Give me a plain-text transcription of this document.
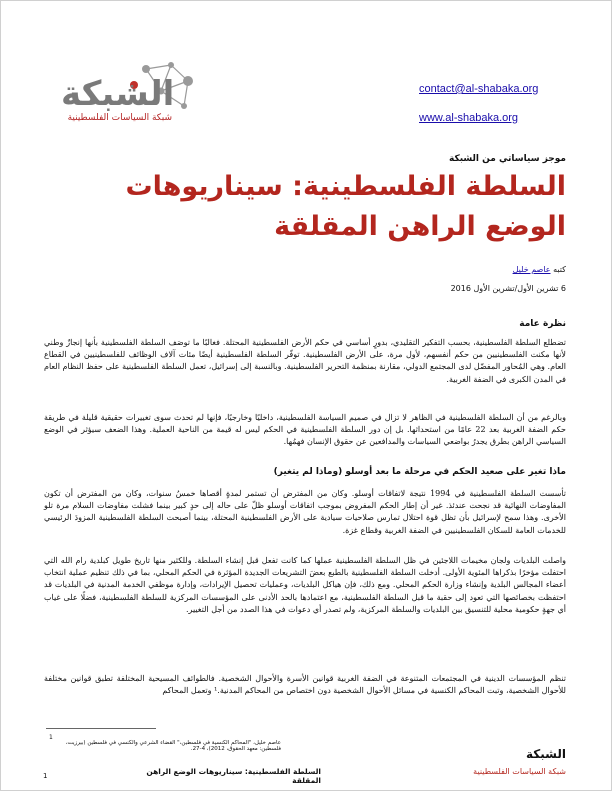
الشبكة
شبكة السياسات الفلسطينية
contact@al-shabaka.org
www.al-shabaka.org
موجز سياساتي من الشبكة
السلطة الفلسطينية: سيناريوهات الوضع الراهن المقلقة
كتبه عاصم خليل
6 تشرين الأول/تشرين الأول 2016

نظرة عامة

تضطلع السلطة الفلسطينية، بحسب التفكير التقليدي، بدورٍ أساسي في حكم الأرض الفلسطينية المحتلة. فغالبًا ما توصَف السلطة الفلسطينية بأنها إنجازٌ وطني لأنها مكنت الفلسطينيين من حكم أنفسهم، لأول مرة، على الأرض الفلسطينية. توفّر السلطة الفلسطينية أيضًا مئات آلاف الوظائف للفلسطينيين في القطاع العام. وهي المُحاور المفضّل لدى المجتمع الدولي، مقارنة بمنظمة التحرير الفلسطينية. وبالنسبة إلى إسرائيل، تعمل السلطة الفلسطينية على حفظ النظام العام في المدن الكبرى في الضفة الغربية.

وبالرغم من أن السلطة الفلسطينية في الظاهر لا تزال في صميم السياسة الفلسطينية، داخليًا وخارجيًا، فإنها لم تحدث سوى تغييرات حقيقية قليلة في طريقة حكم الضفة الغربية بعد 22 عامًا من استحداثها. بل إن دور السلطة الفلسطينية في الحكم ليس له قيمة من الناحية العملية. وهذا الضعف سيؤثر في الوضع السياسي الراهن بطرق يجدرُ بواضعي السياسات والمدافعين عن حقوق الإنسان فهمُها.

ماذا تغير على صعيد الحكم في مرحلة ما بعد أوسلو (وماذا لم يتغير)

تأسست السلطة الفلسطينية في 1994 نتيجة لاتفاقات أوسلو. وكان من المفترض أن تستمر لمدةٍ أقصاها خمسُ سنوات، وكان من المفترض أن تكون المفاوضات النهائية قد نجحت عندئذ. غير أن إطار الحكم المفروض بموجب اتفاقات أوسلو ظلّ على حاله إلى حدٍ كبير بينما فشلت مفاوضات السلام مرة تلو الأخرى. وهذا سمح لإسرائيل بأن تظل قوة احتلال تمارس صلاحيات سيادية على الأرض الفلسطينية المحتلة، بينما أصبحت السلطة الفلسطينية المزودَ الرئيسي للخدمات العامة للسكان الفلسطينيين في الضفة الغربية وقطاع غزة.

واصلت البلديات ولجان مخيمات اللاجئين في ظل السلطة الفلسطينية عملها كما كانت تفعل قبل إنشاء السلطة. وللكثير منها تاريخ طويل كبلدية رام الله التي احتفلت مؤخرًا بذكراها المئوية الأولى. أدخلت السلطة الفلسطينية بالطبع بعضَ التشريعات الجديدة المؤثرة في الحكم المحلي، بما في ذلك تنظيم عملية انتخاب أعضاء المجالس البلدية وإنشاء وزارة الحكم المحلي. ومع ذلك، فإن هياكل البلديات، وعمليات تحصيل الإيرادات، وإدارة موظفي الخدمة المدنية في البلديات قد احتفظت بخصائصها التي تعود إلى حقبة ما قبل السلطة الفلسطينية، مع اعتمادها بالحد الأدنى على المؤسسات المركزية للسلطة الفلسطينية، فضلًا على غياب أي جهةٍ حكومية محلية للتنسيق بين البلديات والسلطة المركزية، ولم تصدر أي دعوات في هذا الصدد من أجل التغيير.

تنظم المؤسسات الدينية في المجتمعات المتنوعة في الضفة الغربية قوانين الأسرة والأحوال الشخصية. فالطوائف المسيحية المختلفة تطبق قوانين مختلفة للأحوال الشخصية، وتبت المحاكم الكنسية في مسائل الأحوال الشخصية دون اختصاص من المحاكم المدنية.¹ وتعمل المحاكم

1
عاصم خليل، "المحاكم الكنسية في فلسطين،" القضاء الشرعي والكنسي في فلسطين (بيرزيت، فلسطين: معهد الحقوق، 2012)، 4-27.	الشبكة
شبكة السياسات الفلسطينية
السلطة الفلسطينية: سيناريوهات الوضع الراهن المقلقة
1
